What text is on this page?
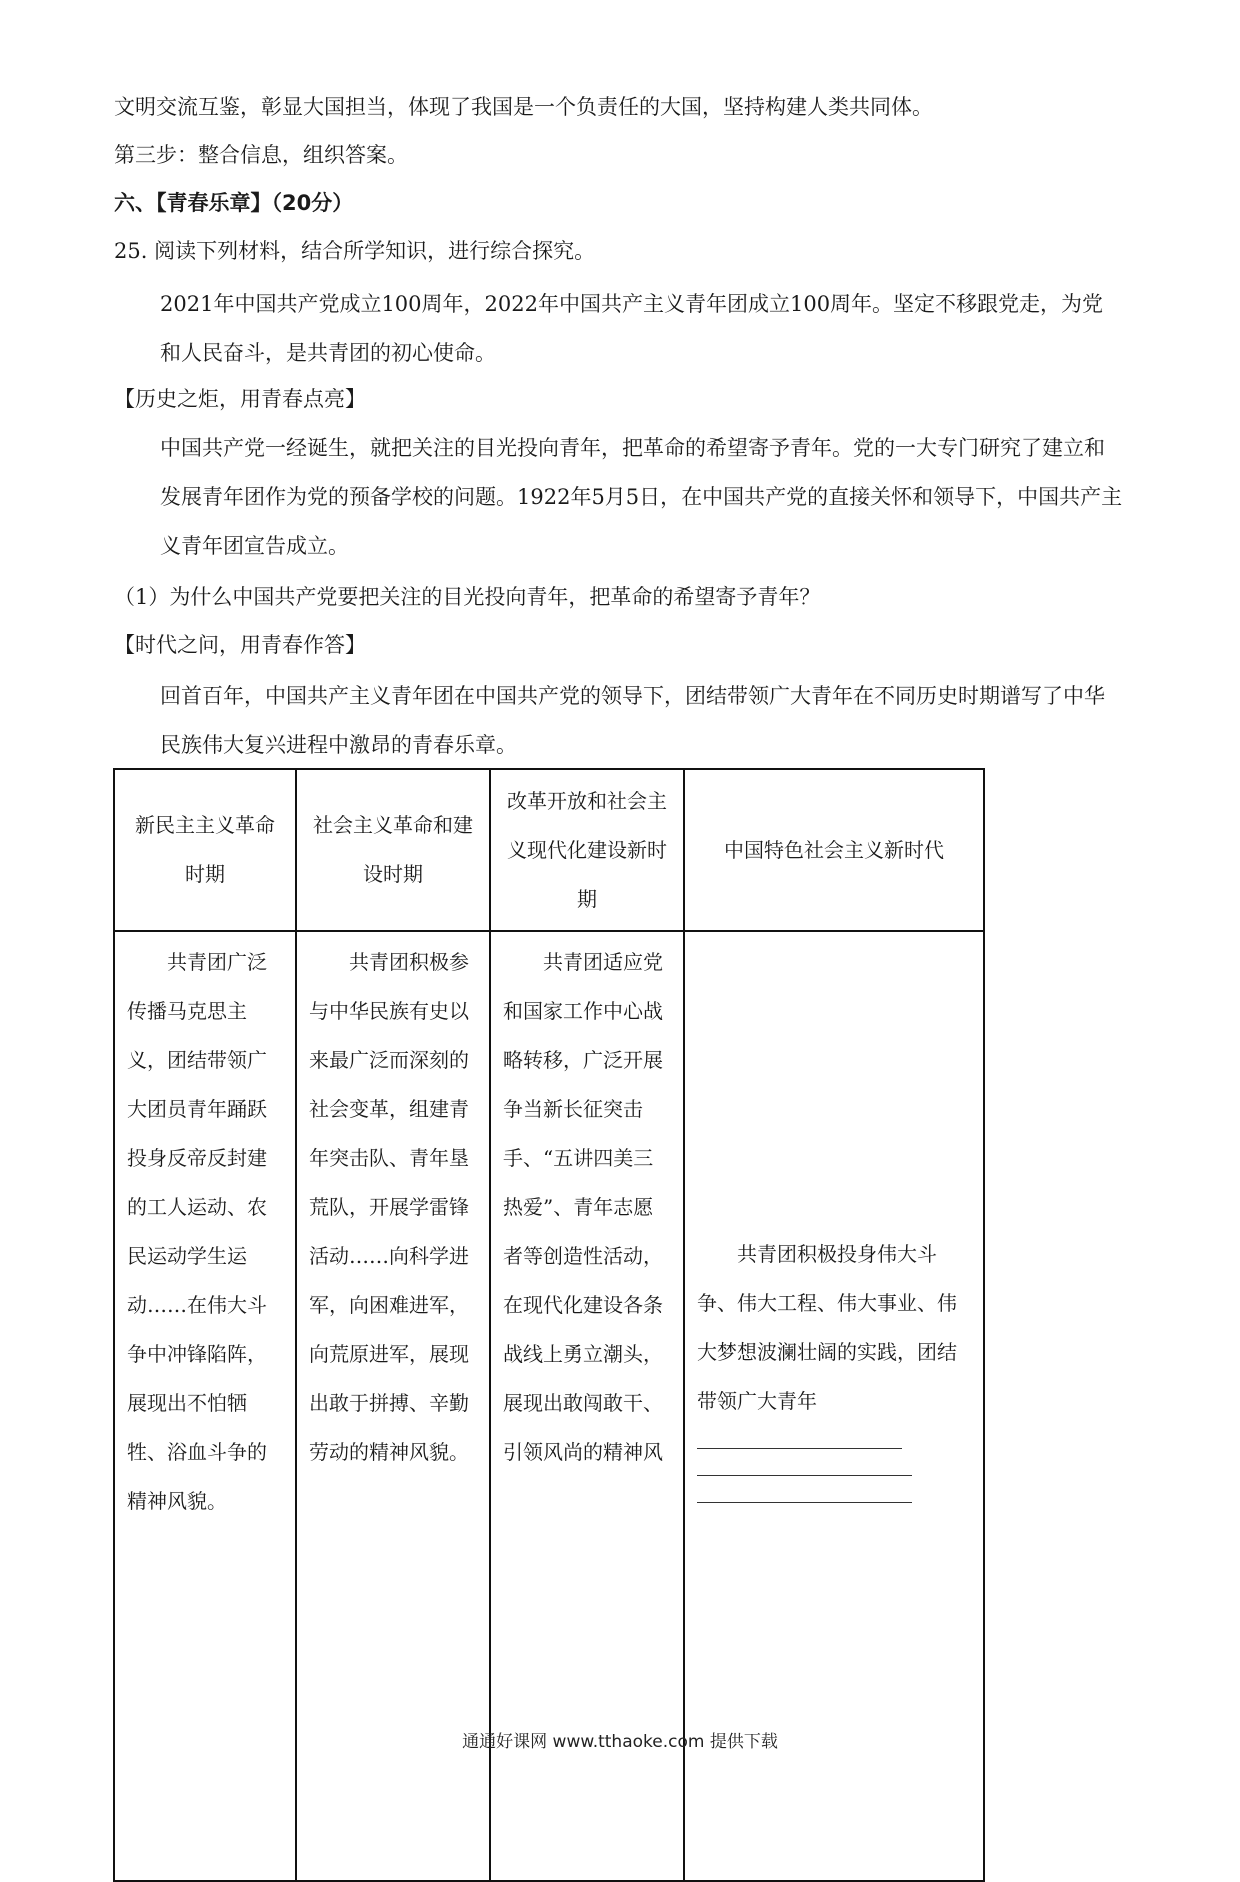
文明交流互鉴，彰显大国担当，体现了我国是一个负责任的大国，坚持构建人类共同体。
第三步：整合信息，组织答案。
六、【青春乐章】（20分）
25. 阅读下列材料，结合所学知识，进行综合探究。
2021年中国共产党成立100周年，2022年中国共产主义青年团成立100周年。坚定不移跟党走，为党和人民奋斗，是共青团的初心使命。
【历史之炬，用青春点亮】
中国共产党一经诞生，就把关注的目光投向青年，把革命的希望寄予青年。党的一大专门研究了建立和发展青年团作为党的预备学校的问题。1922年5月5日，在中国共产党的直接关怀和领导下，中国共产主义青年团宣告成立。
（1）为什么中国共产党要把关注的目光投向青年，把革命的希望寄予青年？
【时代之问，用青春作答】
回首百年，中国共产主义青年团在中国共产党的领导下，团结带领广大青年在不同历史时期谱写了中华民族伟大复兴进程中激昂的青春乐章。
新民主主义革命时期	社会主义革命和建设时期	改革开放和社会主义现代化建设新时期	中国特色社会主义新时代

共青团广泛传播马克思主义，团结带领广大团员青年踊跃投身反帝反封建的工人运动、农民运动学生运动……在伟大斗争中冲锋陷阵，展现出不怕牺牲、浴血斗争的精神风貌。	共青团积极参与中华民族有史以来最广泛而深刻的社会变革，组建青年突击队、青年垦荒队，开展学雷锋活动……向科学进军，向困难进军，向荒原进军，展现出敢于拼搏、辛勤劳动的精神风貌。	共青团适应党和国家工作中心战略转移，广泛开展争当新长征突击手、“五讲四美三热爱”、青年志愿者等创造性活动，在现代化建设各条战线上勇立潮头，展现出敢闯敢干、引领风尚的精神风	共青团积极投身伟大斗争、伟大工程、伟大事业、伟大梦想波澜壮阔的实践，团结带领广大青年
通通好课网 www.tthaoke.com 提供下载
